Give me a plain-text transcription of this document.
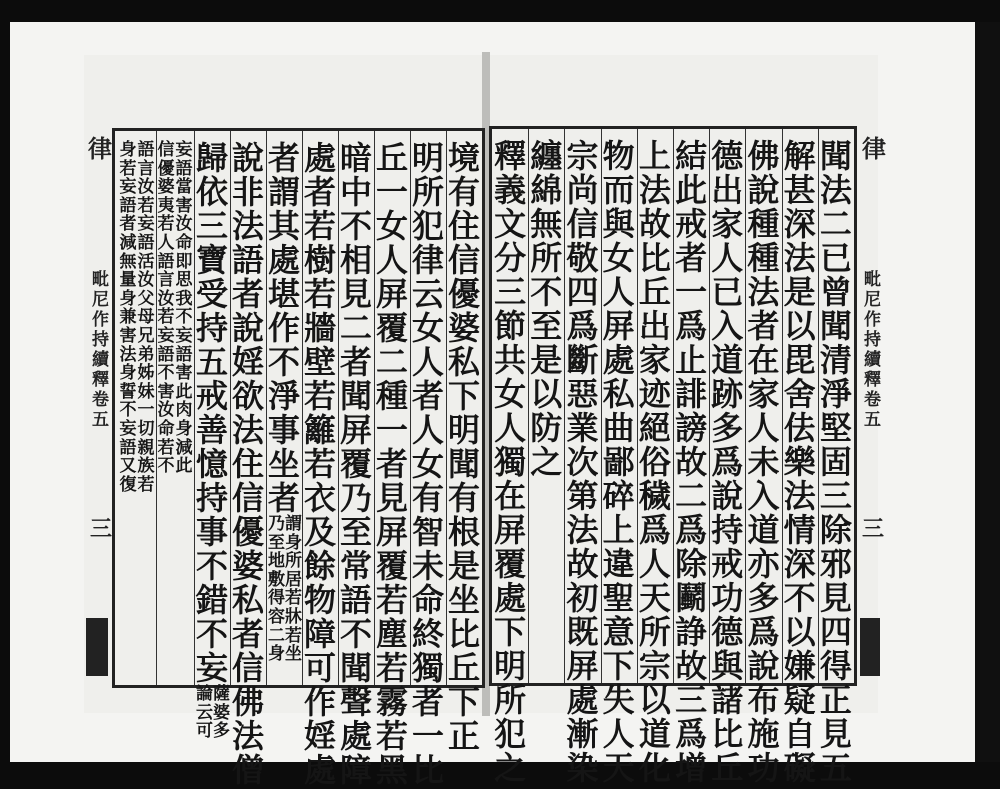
律
毗
尼
作
持
續
釋
卷
五
三
律
毗
尼
作
持
續
釋
卷
五
三
聞
法
二
已
曾
聞
清
淨
堅
固
三
除
邪
見
四
得
正
見
五
解
甚
深
法
是
以
毘
舍
佉
樂
法
情
深
不
以
嫌
疑
自
礙
佛
說
種
種
法
者
在
家
人
未
入
道
亦
多
爲
說
布
施
功
德
出
家
人
已
入
道
跡
多
爲
說
持
戒
功
德
與
諸
比
丘
結
此
戒
者
一
爲
止
誹
謗
故
二
爲
除
鬬
諍
故
三
爲
增
上
法
故
比
丘
出
家
迹
絕
俗
穢
爲
人
天
所
宗
以
道
化
物
而
與
女
人
屏
處
私
曲
鄙
碎
上
違
聖
意
下
失
人
天
宗
尚
信
敬
四
爲
斷
惡
業
次
第
法
故
初
既
屏
處
漸
染
纏
綿
無
所
不
至
是
以
防
之
釋
義
文
分
三
節
共
女
人
獨
在
屏
覆
處
下
明
所
犯
之
境
有
住
信
優
婆
私
下
明
聞
有
根
是
坐
比
丘
下
正
明
所
犯
律
云
女
人
者
人
女
有
智
未
命
終
獨
者
一
比
丘
一
女
人
屏
覆
二
種
一
者
見
屏
覆
若
塵
若
霧
若
黑
暗
中
不
相
見
二
者
聞
屏
覆
乃
至
常
語
不
聞
聲
處
障
處
者
若
樹
若
牆
壁
若
籬
若
衣
及
餘
物
障
可
作
婬
處
者
謂
其
處
堪
作
不
淨
事
坐
者
謂
身
所
居
若
牀
若
坐
乃
至
地
敷
得
容
二
身
說
非
法
語
者
說
婬
欲
法
住
信
優
婆
私
者
信
佛
法
僧
歸
依
三
寶
受
持
五
戒
善
憶
持
事
不
錯
不
妄
薩
婆
多
論
云
可
妄
語
當
害
汝
命
即
思
我
不
妄
語
害
此
肉
身
減
此
信
優
婆
夷
若
人
語
言
汝
若
妄
語
不
害
汝
命
若
不
語
言
汝
若
妄
語
活
汝
父
母
兄
弟
姊
妹
一
切
親
族
若
身
若
妄
語
者
減
無
量
身
兼
害
法
身
誓
不
妄
語
又
復
